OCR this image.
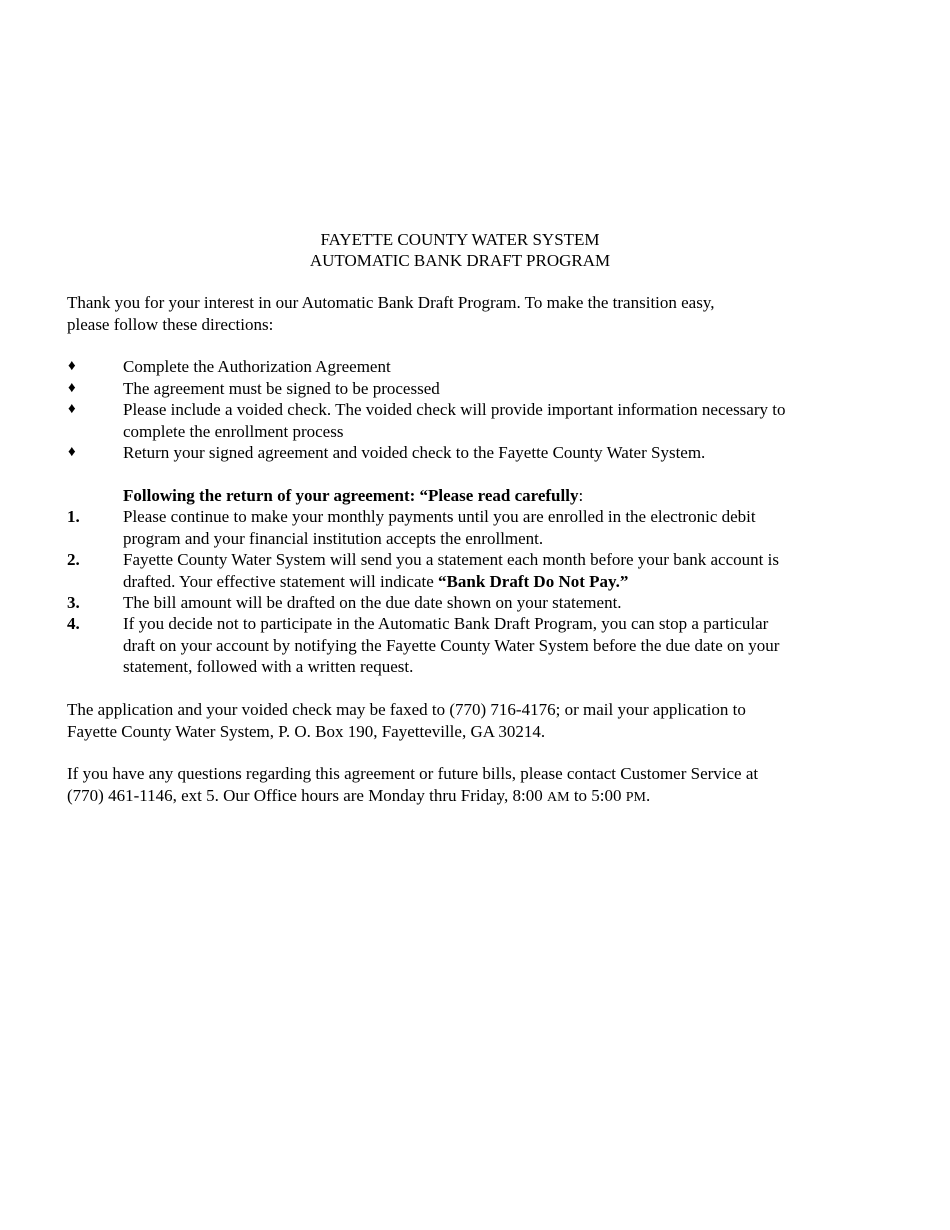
FAYETTE COUNTY WATER SYSTEM
AUTOMATIC BANK DRAFT PROGRAM
Thank you for your interest in our Automatic Bank Draft Program. To make the transition easy,
please follow these directions:
♦	Complete the Authorization Agreement
♦	The agreement must be signed to be processed
♦	Please include a voided check. The voided check will provide important information necessary to
complete the enrollment process
♦	Return your signed agreement and voided check to the Fayette County Water System.
Following the return of your agreement: “Please read carefully:
1.	Please continue to make your monthly payments until you are enrolled in the electronic debit
program and your financial institution accepts the enrollment.
2.	Fayette County Water System will send you a statement each month before your bank account is
drafted. Your effective statement will indicate “Bank Draft Do Not Pay.”
3.	The bill amount will be drafted on the due date shown on your statement.
4.	If you decide not to participate in the Automatic Bank Draft Program, you can stop a particular
draft on your account by notifying the Fayette County Water System before the due date on your
statement, followed with a written request.
The application and your voided check may be faxed to (770) 716-4176; or mail your application to
Fayette County Water System, P. O. Box 190, Fayetteville, GA 30214.
If you have any questions regarding this agreement or future bills, please contact Customer Service at
(770) 461-1146, ext 5. Our Office hours are Monday thru Friday, 8:00 AM to 5:00 PM.
